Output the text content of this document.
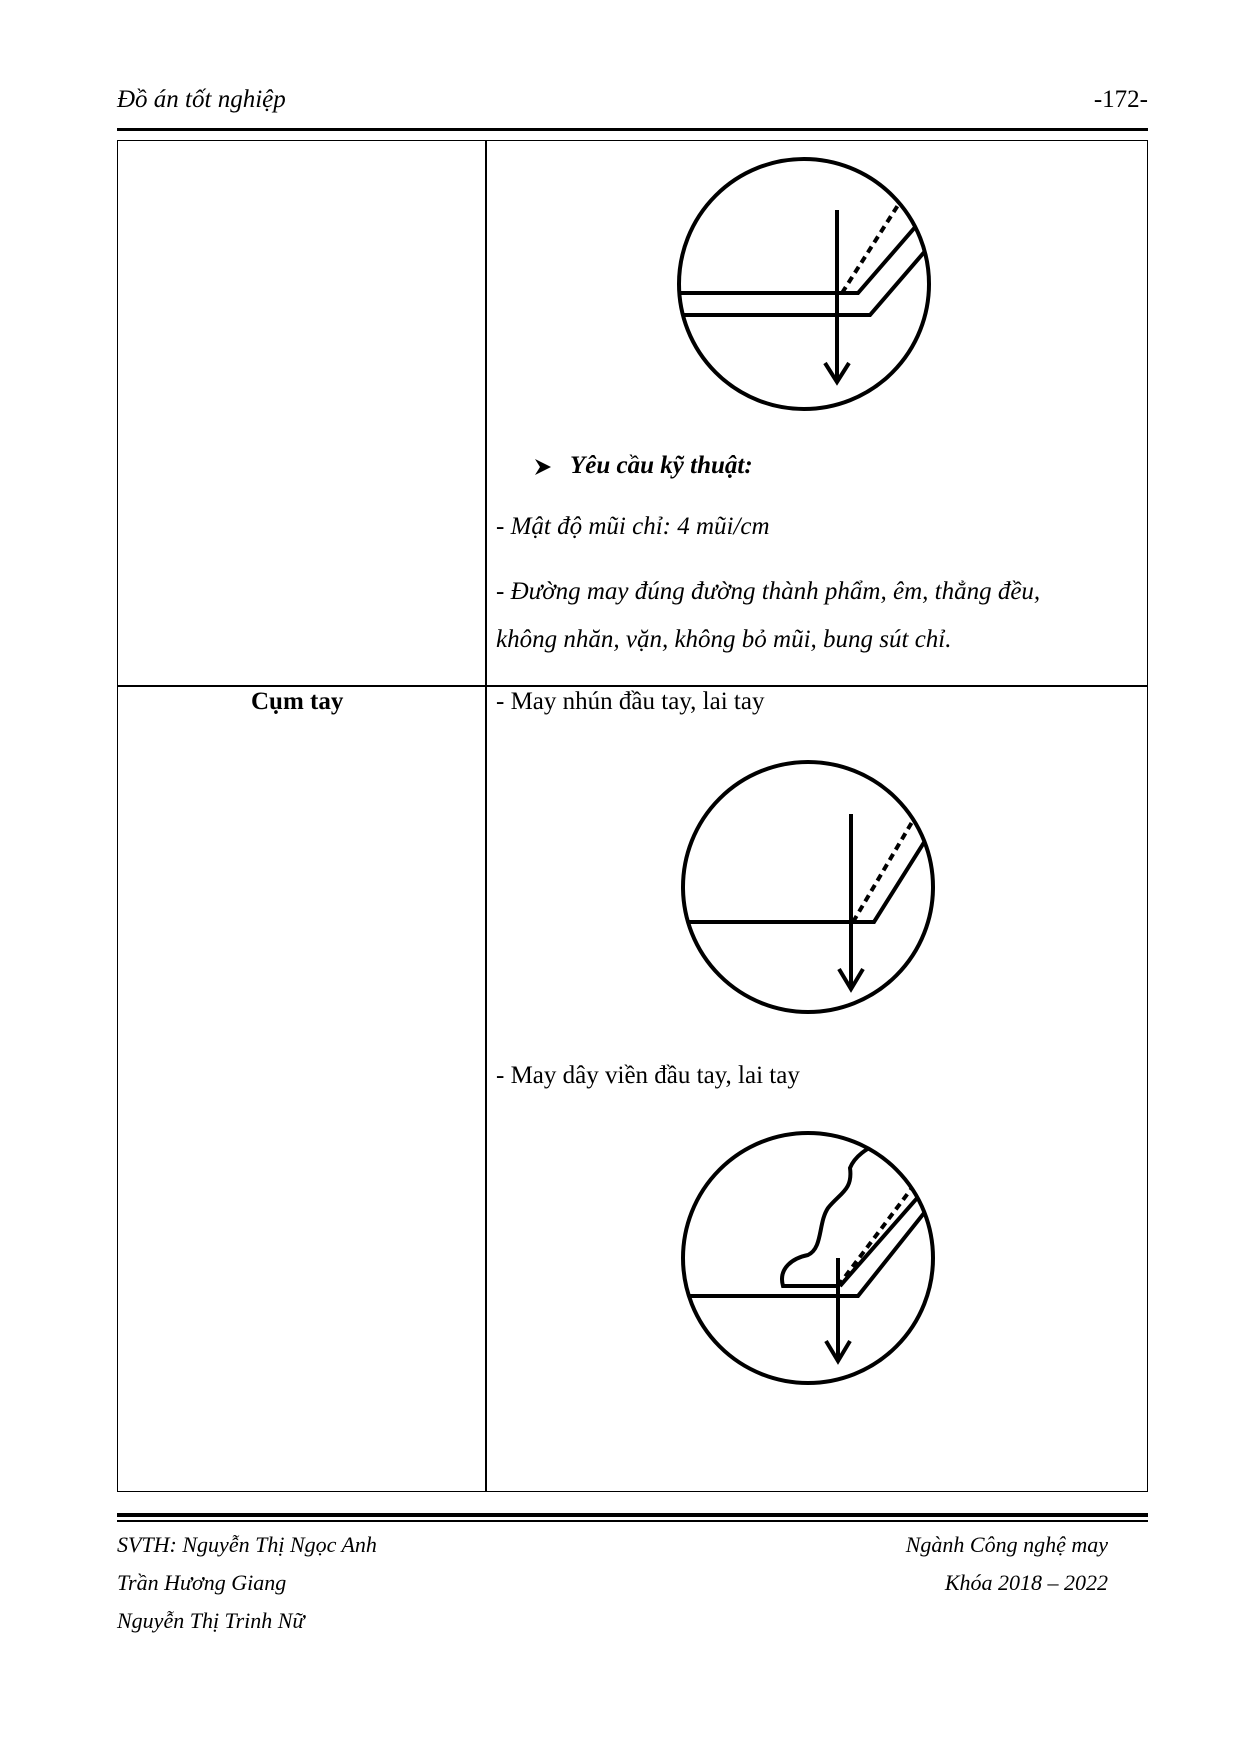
Đồ án tốt nghiệp	-172-
Yêu cầu kỹ thuật:
- Mật độ mũi chỉ: 4 mũi/cm
- Đường may đúng đường thành phẩm, êm, thẳng đều,
không nhăn, vặn, không bỏ mũi, bung sút chỉ.
Cụm tay	- May nhún đầu tay, lai tay
- May dây viền đầu tay, lai tay
SVTH: Nguyễn Thị Ngọc Anh
Trần Hương Giang
Nguyễn Thị Trinh Nữ
Ngành Công nghệ may
Khóa 2018 – 2022
